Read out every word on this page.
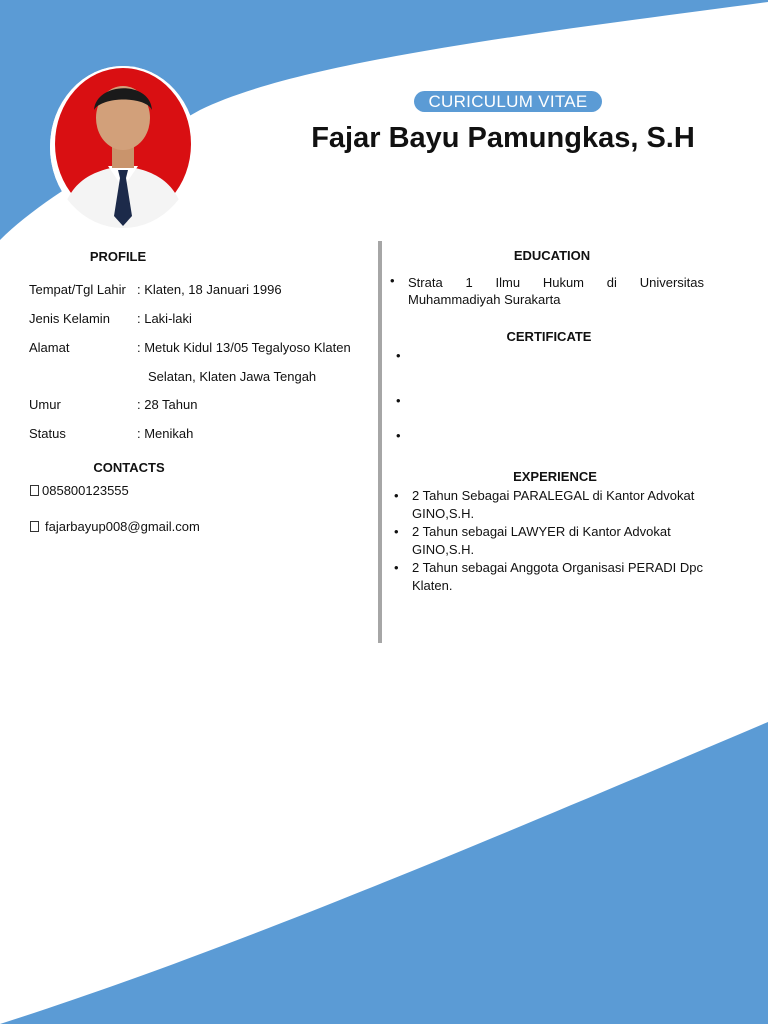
CURICULUM VITAE
Fajar Bayu Pamungkas, S.H
PROFILE
Tempat/Tgl Lahir : Klaten, 18 Januari 1996
Jenis Kelamin : Laki-laki
Alamat	: Metuk Kidul 13/05 Tegalyoso Klaten
Selatan, Klaten Jawa Tengah
Umur	: 28 Tahun
Status	: Menikah
CONTACTS
085800123555
fajarbayup008@gmail.com
EDUCATION
• Strata 1 Ilmu Hukum di Universitas
Muhammadiyah Surakarta
CERTIFICATE
•
•
•
EXPERIENCE
• 2 Tahun Sebagai PARALEGAL di Kantor Advokat
GINO,S.H.
• 2 Tahun sebagai LAWYER di Kantor Advokat
GINO,S.H.
• 2 Tahun sebagai Anggota Organisasi PERADI Dpc
Klaten.
